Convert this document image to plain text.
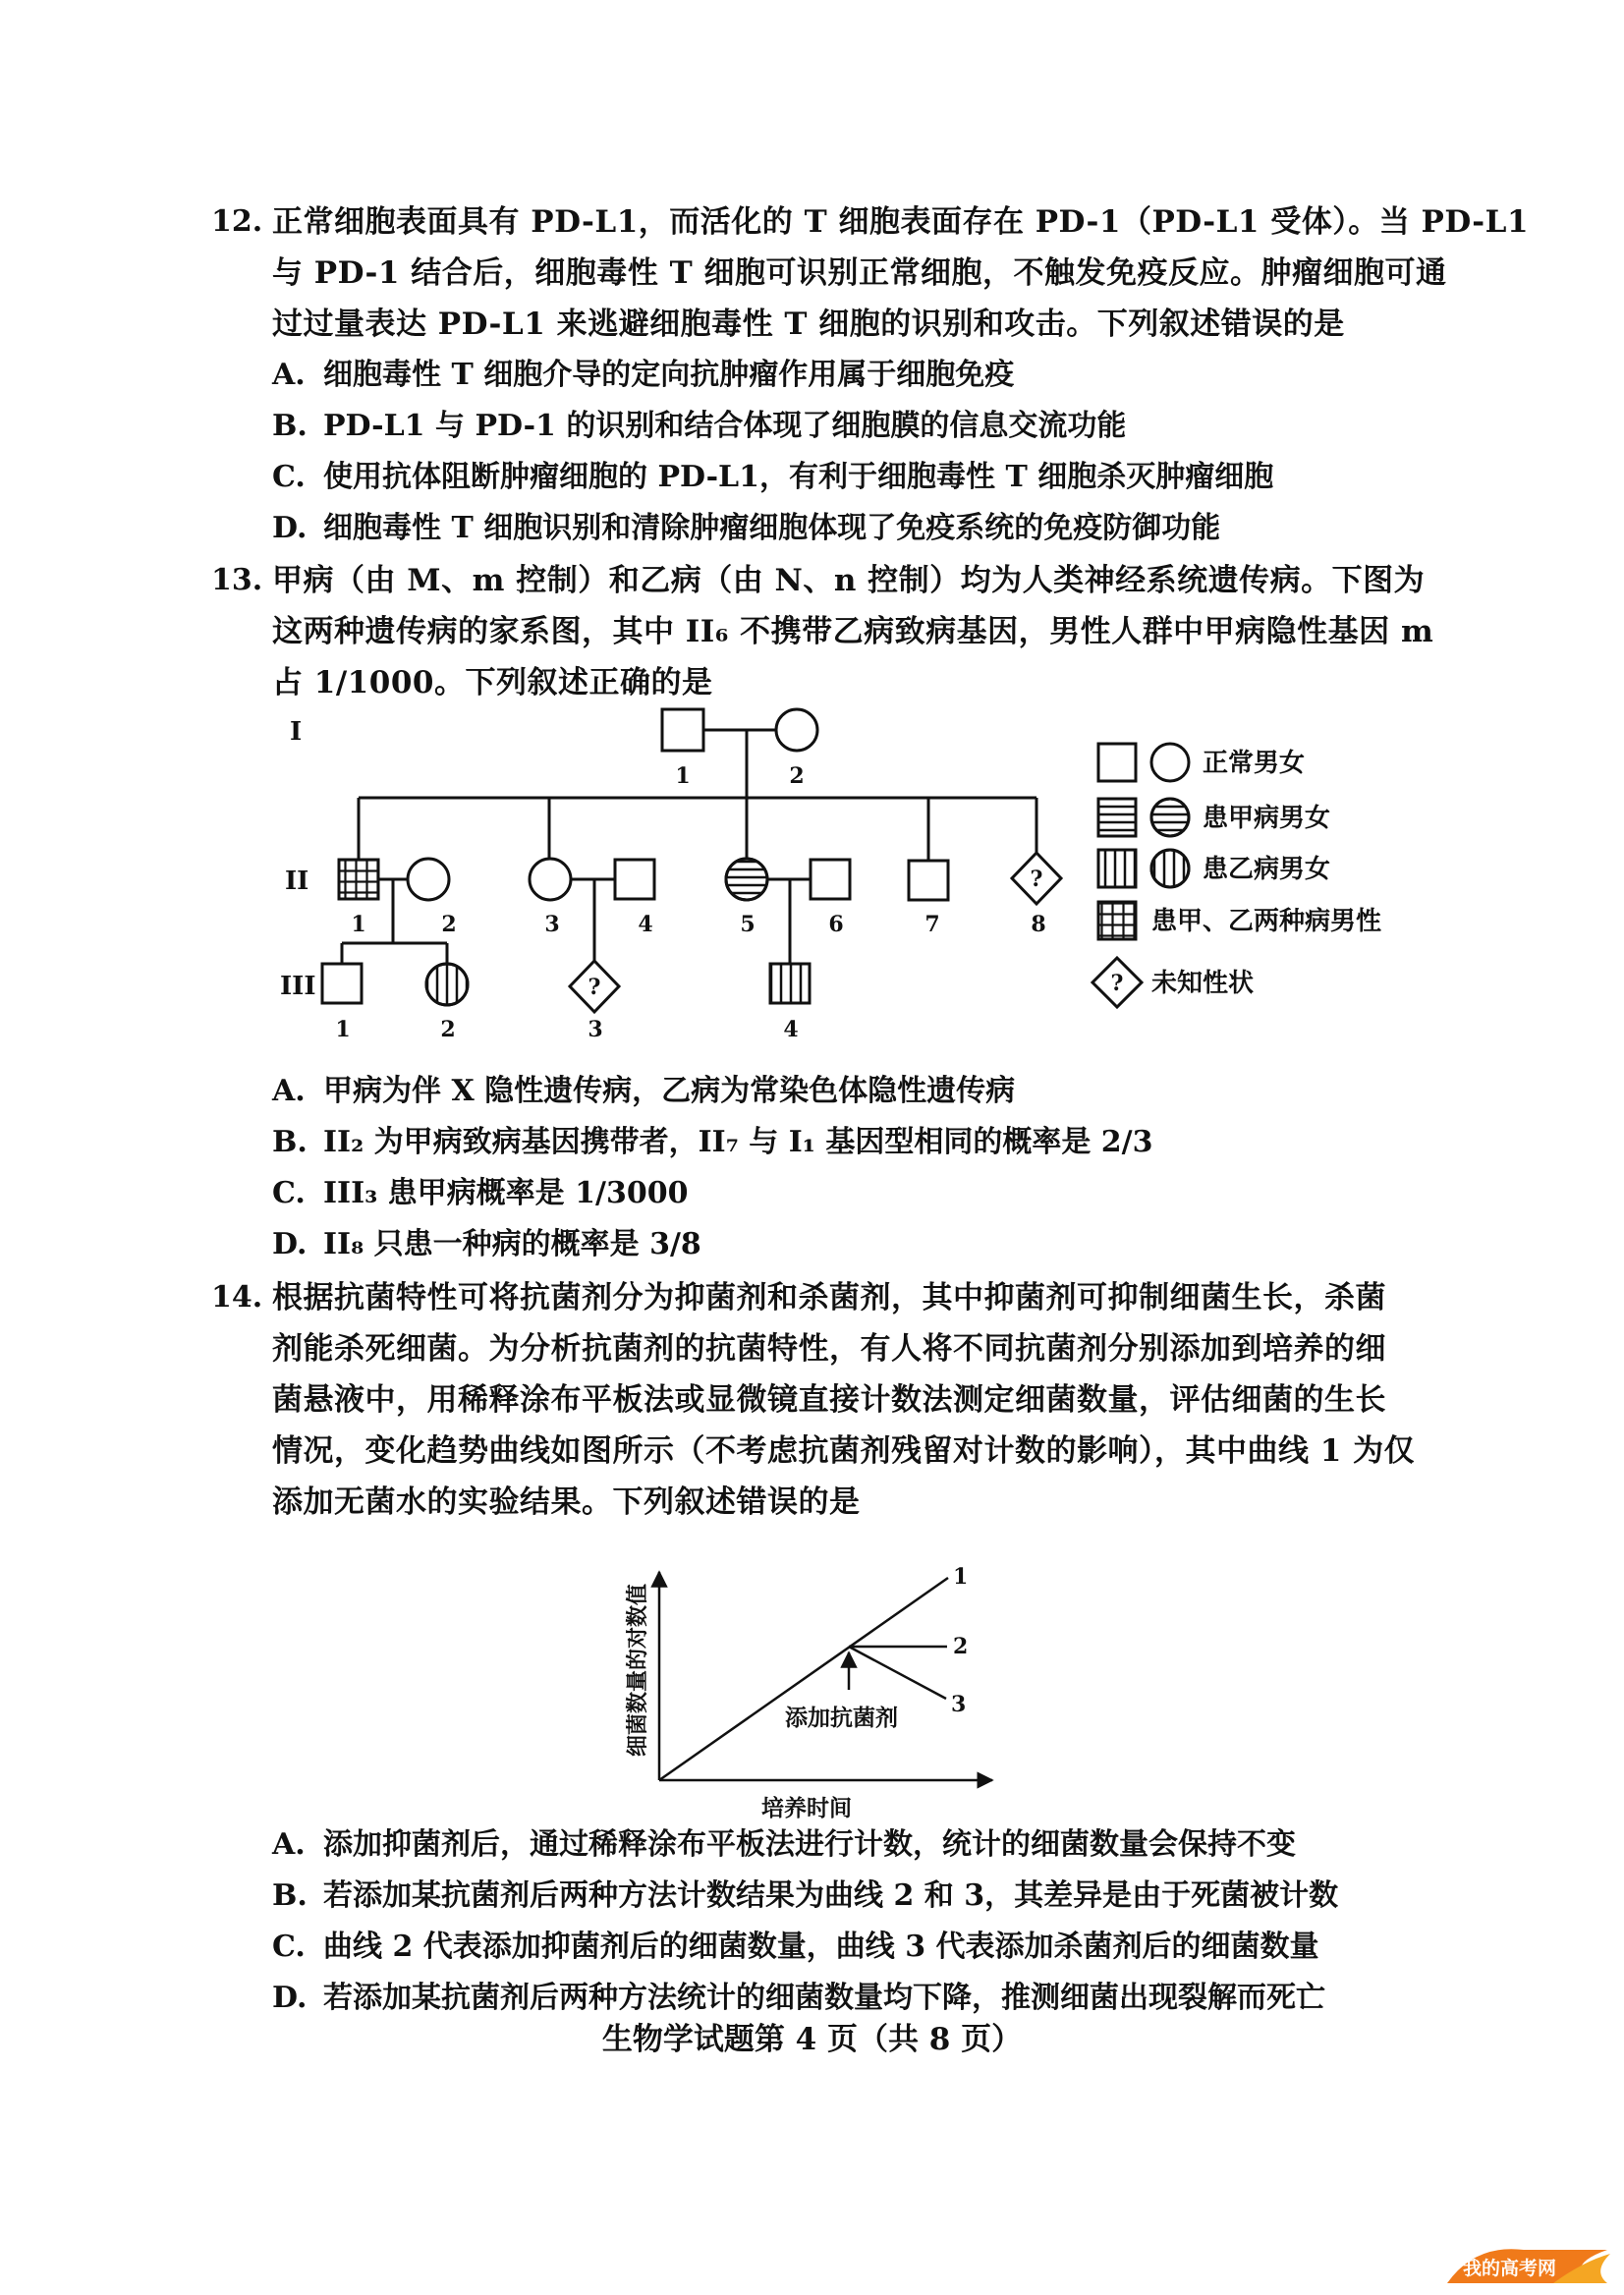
12. 正常细胞表面具有 PD-L1，而活化的 T 细胞表面存在 PD-1（PD-L1 受体）。当 PD-L1
与 PD-1 结合后，细胞毒性 T 细胞可识别正常细胞，不触发免疫反应。肿瘤细胞可通
过过量表达 PD-L1 来逃避细胞毒性 T 细胞的识别和攻击。下列叙述错误的是
A. 细胞毒性 T 细胞介导的定向抗肿瘤作用属于细胞免疫
B. PD-L1 与 PD-1 的识别和结合体现了细胞膜的信息交流功能
C. 使用抗体阻断肿瘤细胞的 PD-L1，有利于细胞毒性 T 细胞杀灭肿瘤细胞
D. 细胞毒性 T 细胞识别和清除肿瘤细胞体现了免疫系统的免疫防御功能
13. 甲病（由 M、m 控制）和乙病（由 N、n 控制）均为人类神经系统遗传病。下图为
这两种遗传病的家系图，其中 II₆ 不携带乙病致病基因，男性人群中甲病隐性基因 m
占 1/1000。下列叙述正确的是
I
II
III
1	2
1	2	3	4	5	6	7	8
1	2	3	4
?
?
正常男女
患甲病男女
患乙病男女
患甲、乙两种病男性
未知性状
?
A. 甲病为伴 X 隐性遗传病，乙病为常染色体隐性遗传病
B. II₂ 为甲病致病基因携带者，II₇ 与 I₁ 基因型相同的概率是 2/3
C. III₃ 患甲病概率是 1/3000
D. II₈ 只患一种病的概率是 3/8
14. 根据抗菌特性可将抗菌剂分为抑菌剂和杀菌剂，其中抑菌剂可抑制细菌生长，杀菌
剂能杀死细菌。为分析抗菌剂的抗菌特性，有人将不同抗菌剂分别添加到培养的细
菌悬液中，用稀释涂布平板法或显微镜直接计数法测定细菌数量，评估细菌的生长
情况，变化趋势曲线如图所示（不考虑抗菌剂残留对计数的影响），其中曲线 1 为仅
添加无菌水的实验结果。下列叙述错误的是
1
2
3
添加抗菌剂
培养时间
细菌数量的对数值
A. 添加抑菌剂后，通过稀释涂布平板法进行计数，统计的细菌数量会保持不变
B. 若添加某抗菌剂后两种方法计数结果为曲线 2 和 3，其差异是由于死菌被计数
C. 曲线 2 代表添加抑菌剂后的细菌数量，曲线 3 代表添加杀菌剂后的细菌数量
D. 若添加某抗菌剂后两种方法统计的细菌数量均下降，推测细菌出现裂解而死亡
生物学试题第 4 页（共 8 页）
我的高考网
